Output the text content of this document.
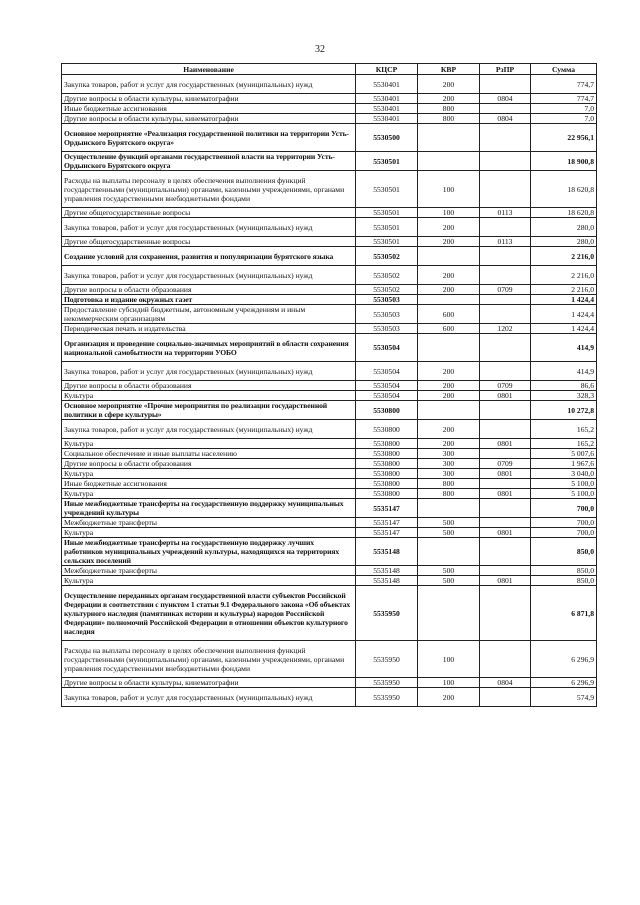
32
Наименование	КЦСР	КВР	РзПР	Сумма
Закупка товаров, работ и услуг для государственных (муниципальных) нужд	5530401	200		774,7
Другие вопросы в области культуры, кинематографии	5530401	200	0804	774,7
Иные бюджетные ассигнования	5530401	800		7,0
Другие вопросы в области культуры, кинематографии	5530401	800	0804	7,0
Основное мероприятие «Реализация государственной политики на территории Усть-Ордынского Бурятского округа»	5530500			22 956,1
Осуществление функций органами государственной власти на территории Усть-Ордынского Бурятского округа	5530501			18 900,8
Расходы на выплаты персоналу в целях обеспечения выполнения функций государственными (муниципальными) органами, казенными учреждениями, органами управления государственными внебюджетными фондами	5530501	100		18 620,8
Другие общегосударственные вопросы	5530501	100	0113	18 620,8
Закупка товаров, работ и услуг для государственных (муниципальных) нужд	5530501	200		280,0
Другие общегосударственные вопросы	5530501	200	0113	280,0
Создание условий для сохранения, развития и популяризации бурятского языка	5530502			2 216,0
Закупка товаров, работ и услуг для государственных (муниципальных) нужд	5530502	200		2 216,0
Другие вопросы в области образования	5530502	200	0709	2 216,0
Подготовка и издание окружных газет	5530503			1 424,4
Предоставление субсидий бюджетным, автономным учреждениям и иным некоммерческим организациям	5530503	600		1 424,4
Периодическая печать и издательства	5530503	600	1202	1 424,4
Организация и проведение социально-значимых мероприятий в области сохранения национальной самобытности на территории УОБО	5530504			414,9
Закупка товаров, работ и услуг для государственных (муниципальных) нужд	5530504	200		414,9
Другие вопросы в области образования	5530504	200	0709	86,6
Культура	5530504	200	0801	328,3
Основное мероприятие «Прочие мероприятия по реализации государственной политики в сфере культуры»	5530800			10 272,8
Закупка товаров, работ и услуг для государственных (муниципальных) нужд	5530800	200		165,2
Культура	5530800	200	0801	165,2
Социальное обеспечение и иные выплаты населению	5530800	300		5 007,6
Другие вопросы в области образования	5530800	300	0709	1 967,6
Культура	5530800	300	0801	3 040,0
Иные бюджетные ассигнования	5530800	800		5 100,0
Культура	5530800	800	0801	5 100,0
Иные межбюджетные трансферты на государственную поддержку муниципальных учреждений культуры	5535147			700,0
Межбюджетные трансферты	5535147	500		700,0
Культура	5535147	500	0801	700,0
Иные межбюджетные трансферты на государственную поддержку лучших работников муниципальных учреждений культуры, находящихся на территориях сельских поселений	5535148			850,0
Межбюджетные трансферты	5535148	500		850,0
Культура	5535148	500	0801	850,0
Осуществление переданных органам государственной власти субъектов Российской Федерации в соответствии с пунктом 1 статьи 9.1 Федерального закона «Об объектах культурного наследия (памятниках истории и культуры) народов Российской Федерации» полномочий Российской Федерации в отношении объектов культурного наследия	5535950			6 871,8
Расходы на выплаты персоналу в целях обеспечения выполнения функций государственными (муниципальными) органами, казенными учреждениями, органами управления государственными внебюджетными фондами	5535950	100		6 296,9
Другие вопросы в области культуры, кинематографии	5535950	100	0804	6 296,9
Закупка товаров, работ и услуг для государственных (муниципальных) нужд	5535950	200		574,9
